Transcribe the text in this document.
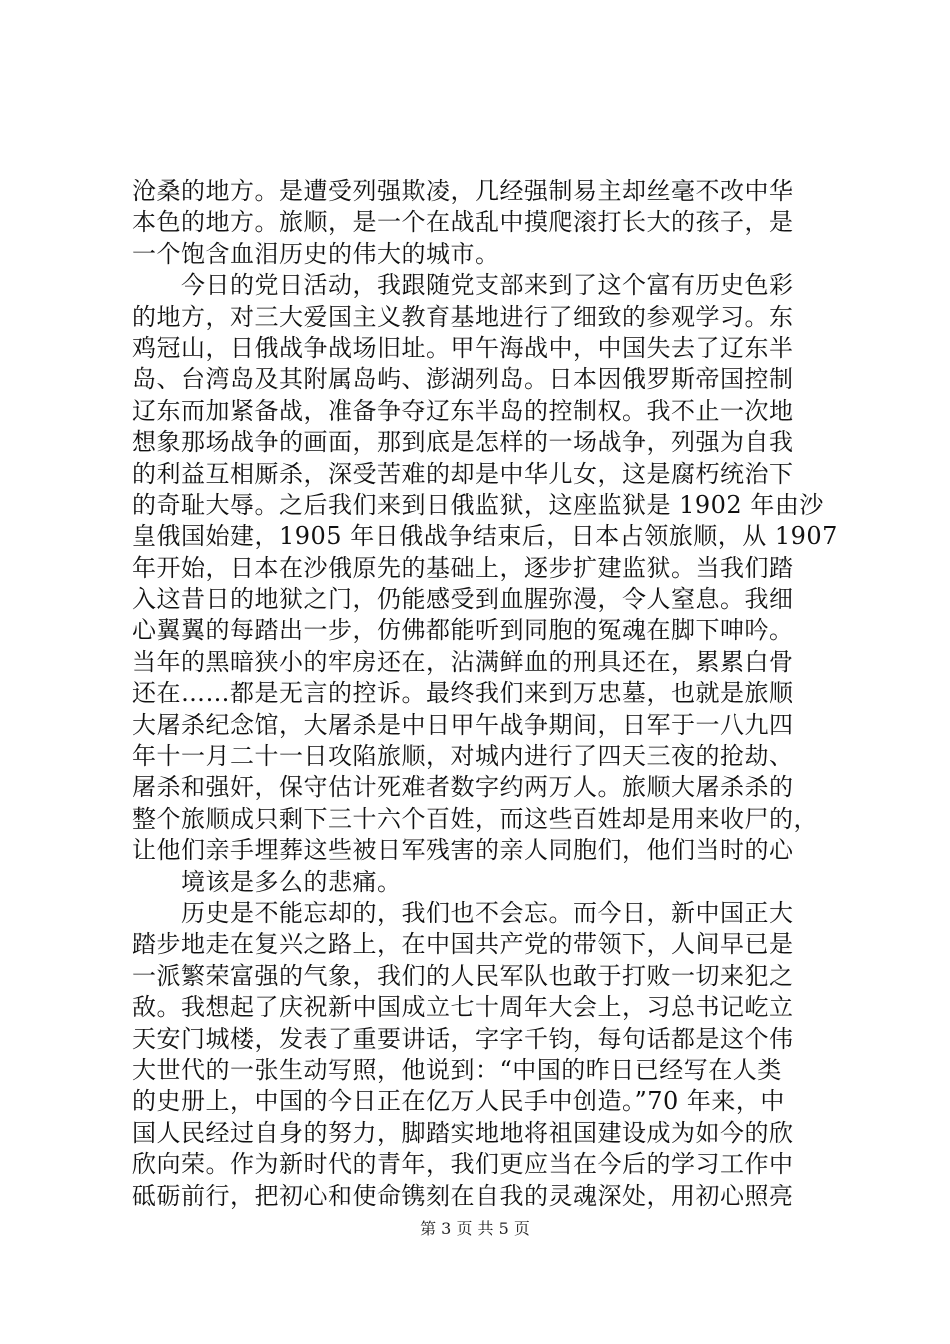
沧桑的地方。是遭受列强欺凌，几经强制易主却丝毫不改中华
本色的地方。旅顺，是一个在战乱中摸爬滚打长大的孩子，是
一个饱含血泪历史的伟大的城市。
今日的党日活动，我跟随党支部来到了这个富有历史色彩
的地方，对三大爱国主义教育基地进行了细致的参观学习。东
鸡冠山，日俄战争战场旧址。甲午海战中，中国失去了辽东半
岛、台湾岛及其附属岛屿、澎湖列岛。日本因俄罗斯帝国控制
辽东而加紧备战，准备争夺辽东半岛的控制权。我不止一次地
想象那场战争的画面，那到底是怎样的一场战争，列强为自我
的利益互相厮杀，深受苦难的却是中华儿女，这是腐朽统治下
的奇耻大辱。之后我们来到日俄监狱，这座监狱是 1902 年由沙
皇俄国始建，1905 年日俄战争结束后，日本占领旅顺，从 1907
年开始，日本在沙俄原先的基础上，逐步扩建监狱。当我们踏
入这昔日的地狱之门，仍能感受到血腥弥漫，令人窒息。我细
心翼翼的每踏出一步，仿佛都能听到同胞的冤魂在脚下呻吟。
当年的黑暗狭小的牢房还在，沾满鲜血的刑具还在，累累白骨
还在……都是无言的控诉。最终我们来到万忠墓，也就是旅顺
大屠杀纪念馆，大屠杀是中日甲午战争期间，日军于一八九四
年十一月二十一日攻陷旅顺，对城内进行了四天三夜的抢劫、
屠杀和强奸，保守估计死难者数字约两万人。旅顺大屠杀杀的
整个旅顺成只剩下三十六个百姓，而这些百姓却是用来收尸的，
让他们亲手埋葬这些被日军残害的亲人同胞们，他们当时的心
境该是多么的悲痛。
历史是不能忘却的，我们也不会忘。而今日，新中国正大
踏步地走在复兴之路上，在中国共产党的带领下，人间早已是
一派繁荣富强的气象，我们的人民军队也敢于打败一切来犯之
敌。我想起了庆祝新中国成立七十周年大会上，习总书记屹立
天安门城楼，发表了重要讲话，字字千钧，每句话都是这个伟
大世代的一张生动写照，他说到：“中国的昨日已经写在人类
的史册上，中国的今日正在亿万人民手中创造。”70 年来，中
国人民经过自身的努力，脚踏实地地将祖国建设成为如今的欣
欣向荣。作为新时代的青年，我们更应当在今后的学习工作中
砥砺前行，把初心和使命镌刻在自我的灵魂深处，用初心照亮
第 3 页 共 5 页
